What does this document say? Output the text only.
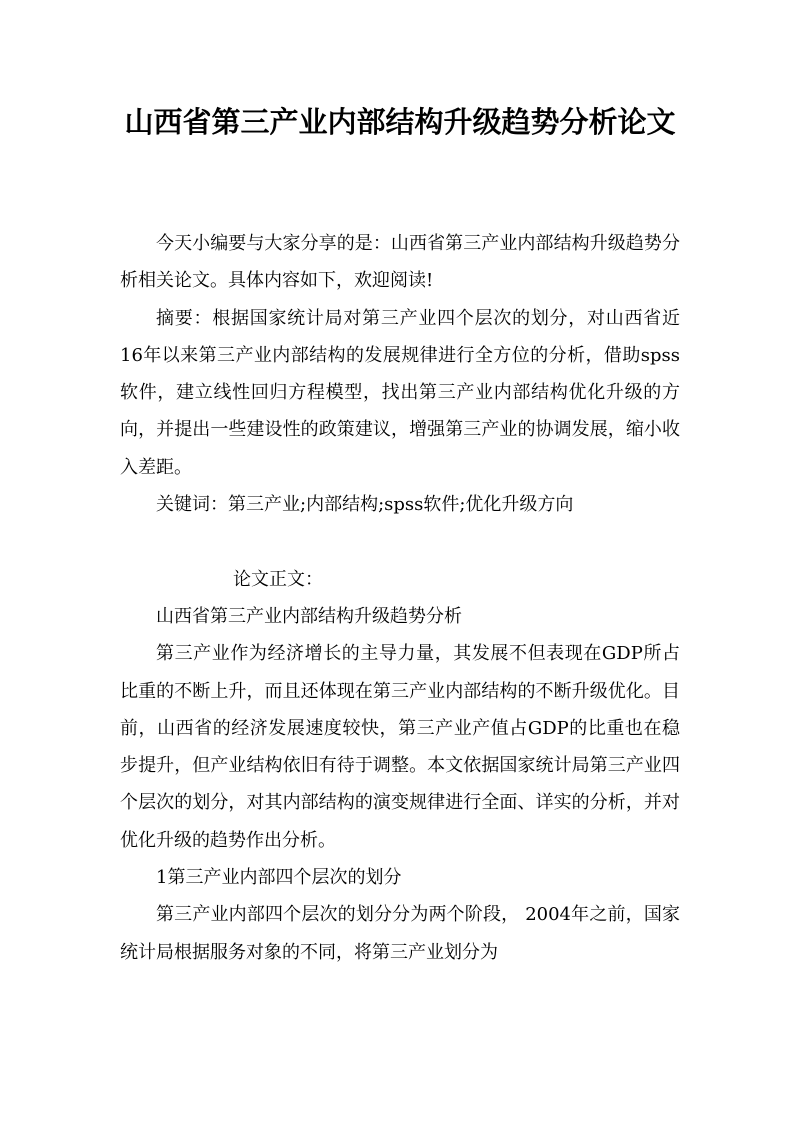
山西省第三产业内部结构升级趋势分析论文

今天小编要与大家分享的是：山西省第三产业内部结构升级趋势分析相关论文。具体内容如下，欢迎阅读!

摘要：根据国家统计局对第三产业四个层次的划分，对山西省近16年以来第三产业内部结构的发展规律进行全方位的分析，借助spss软件，建立线性回归方程模型，找出第三产业内部结构优化升级的方向，并提出一些建设性的政策建议，增强第三产业的协调发展，缩小收入差距。

关键词：第三产业;内部结构;spss软件;优化升级方向

论文正文：

山西省第三产业内部结构升级趋势分析

第三产业作为经济增长的主导力量，其发展不但表现在GDP所占比重的不断上升，而且还体现在第三产业内部结构的不断升级优化。目前，山西省的经济发展速度较快，第三产业产值占GDP的比重也在稳步提升，但产业结构依旧有待于调整。本文依据国家统计局第三产业四个层次的划分，对其内部结构的演变规律进行全面、详实的分析，并对优化升级的趋势作出分析。

1第三产业内部四个层次的划分

第三产业内部四个层次的划分分为两个阶段， 2004年之前，国家统计局根据服务对象的不同，将第三产业划分为
